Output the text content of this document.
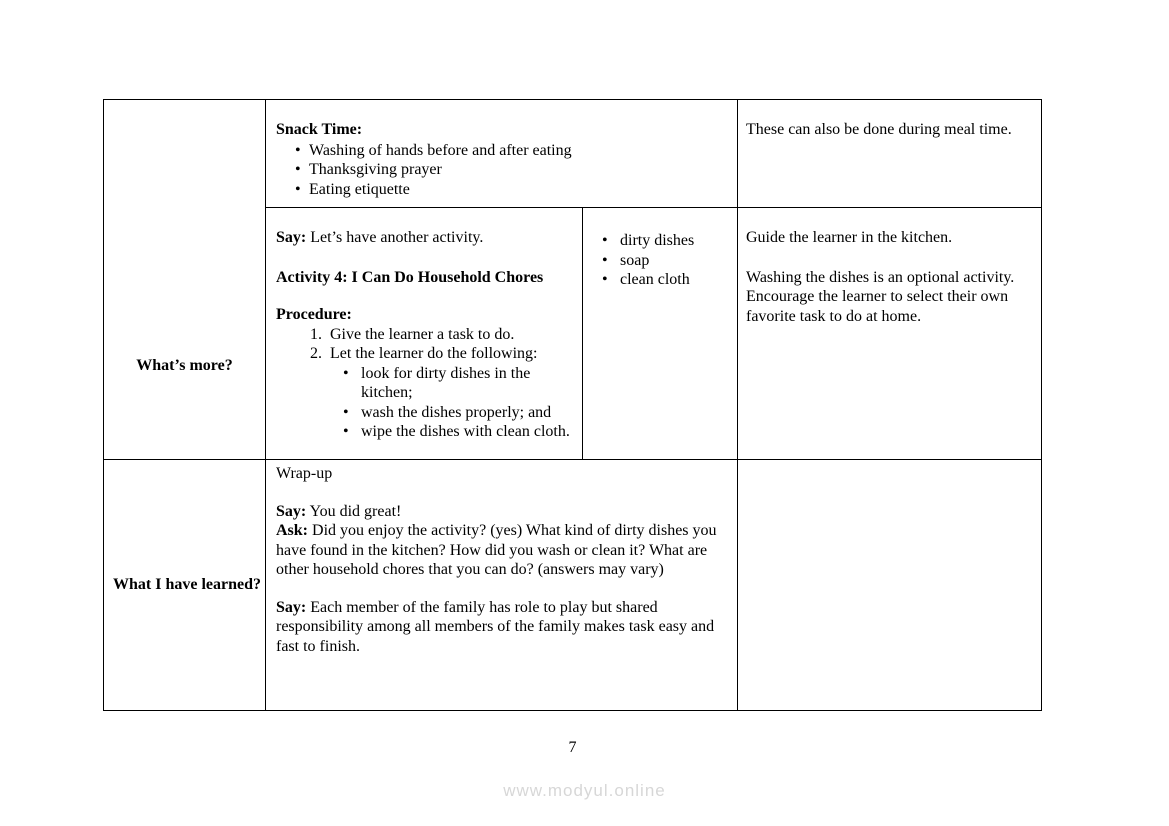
What’s more?
Snack Time:
• Washing of hands before and after eating
• Thanksgiving prayer
• Eating etiquette
These can also be done during meal time.
Say: Let’s have another activity.
Activity 4: I Can Do Household Chores
Procedure:
1. Give the learner a task to do.
2. Let the learner do the following:
• look for dirty dishes in the kitchen;
• wash the dishes properly; and
• wipe the dishes with clean cloth.
• dirty dishes
• soap
• clean cloth
Guide the learner in the kitchen.
Washing the dishes is an optional activity. Encourage the learner to select their own favorite task to do at home.
What I have learned?
Wrap-up
Say: You did great!
Ask: Did you enjoy the activity? (yes) What kind of dirty dishes you have found in the kitchen? How did you wash or clean it? What are other household chores that you can do? (answers may vary)
Say: Each member of the family has role to play but shared responsibility among all members of the family makes task easy and fast to finish.
7
www.modyul.online
